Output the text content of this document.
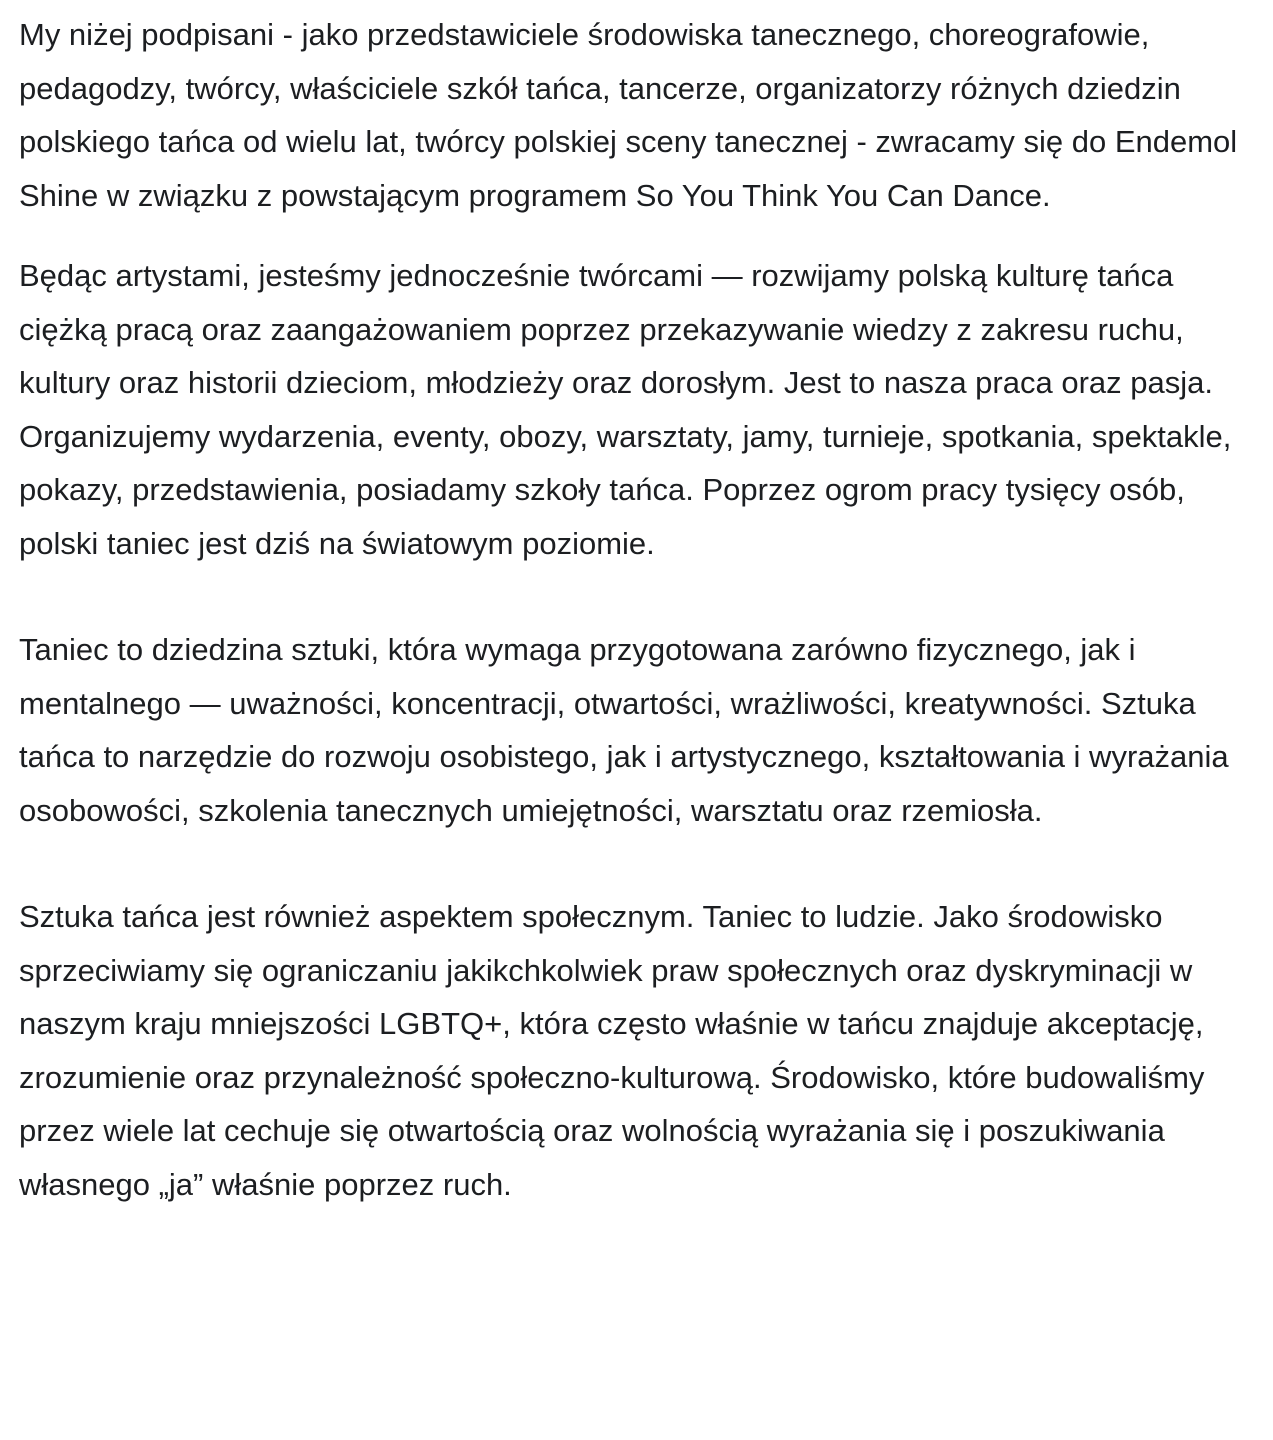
My niżej podpisani - jako przedstawiciele środowiska tanecznego, choreografowie, pedagodzy, twórcy, właściciele szkół tańca, tancerze, organizatorzy różnych dziedzin polskiego tańca od wielu lat, twórcy polskiej sceny tanecznej - zwracamy się do Endemol Shine w związku z powstającym programem So You Think You Can Dance.

Będąc artystami, jesteśmy jednocześnie twórcami — rozwijamy polską kulturę tańca ciężką pracą oraz zaangażowaniem poprzez przekazywanie wiedzy z zakresu ruchu, kultury oraz historii dzieciom, młodzieży oraz dorosłym. Jest to nasza praca oraz pasja. Organizujemy wydarzenia, eventy, obozy, warsztaty, jamy, turnieje, spotkania, spektakle, pokazy, przedstawienia, posiadamy szkoły tańca. Poprzez ogrom pracy tysięcy osób, polski taniec jest dziś na światowym poziomie.

Taniec to dziedzina sztuki, która wymaga przygotowana zarówno fizycznego, jak i mentalnego — uważności, koncentracji, otwartości, wrażliwości, kreatywności. Sztuka tańca to narzędzie do rozwoju osobistego, jak i artystycznego, kształtowania i wyrażania osobowości, szkolenia tanecznych umiejętności, warsztatu oraz rzemiosła.

Sztuka tańca jest również aspektem społecznym. Taniec to ludzie. Jako środowisko sprzeciwiamy się ograniczaniu jakikchkolwiek praw społecznych oraz dyskryminacji w naszym kraju mniejszości LGBTQ+, która często właśnie w tańcu znajduje akceptację, zrozumienie oraz przynależność społeczno-kulturową. Środowisko, które budowaliśmy przez wiele lat cechuje się otwartością oraz wolnością wyrażania się i poszukiwania własnego „ja” właśnie poprzez ruch.
